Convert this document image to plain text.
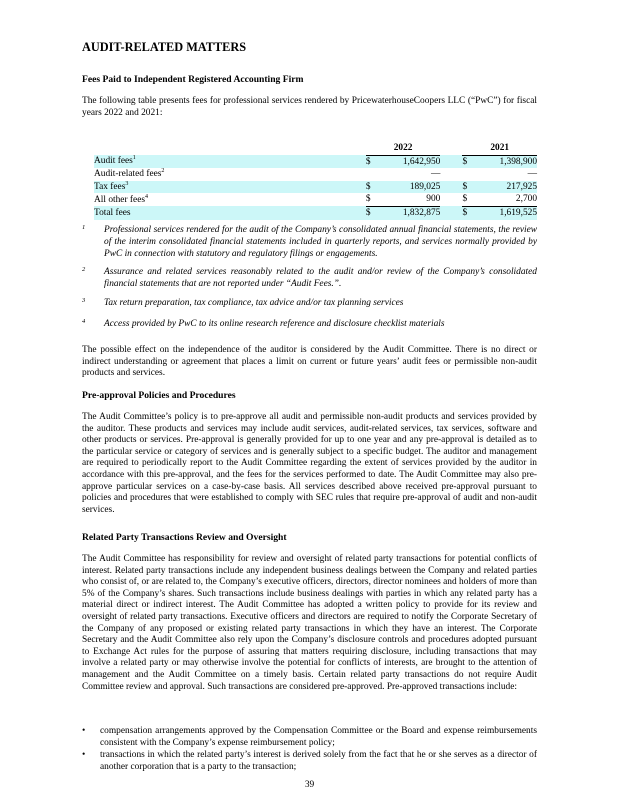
AUDIT-RELATED MATTERS
Fees Paid to Independent Registered Accounting Firm

The following table presents fees for professional services rendered by PricewaterhouseCoopers LLC (“PwC”) for fiscal years 2022 and 2021:

	2022			2021	
Audit fees$^1$	$	1,642,950		$	1,398,900
Audit-related fees$^2$		—			—
Tax fees$^3$	$	189,025		$	217,925
All other fees$^4$	$	900		$	2,700
Total fees	$	1,832,875		$	1,619,525
1 Professional services rendered for the audit of the Company’s consolidated annual financial statements, the review of the interim consolidated financial statements included in quarterly reports, and services normally provided by PwC in connection with statutory and regulatory filings or engagements.
2 Assurance and related services reasonably related to the audit and/or review of the Company’s consolidated financial statements that are not reported under “Audit Fees.”.
3 Tax return preparation, tax compliance, tax advice and/or tax planning services
4 Access provided by PwC to its online research reference and disclosure checklist materials

The possible effect on the independence of the auditor is considered by the Audit Committee. There is no direct or indirect understanding or agreement that places a limit on current or future years’ audit fees or permissible non-audit products and services.

Pre-approval Policies and Procedures

The Audit Committee’s policy is to pre-approve all audit and permissible non-audit products and services provided by the auditor. These products and services may include audit services, audit-related services, tax services, software and other products or services. Pre-approval is generally provided for up to one year and any pre-approval is detailed as to the particular service or category of services and is generally subject to a specific budget. The auditor and management are required to periodically report to the Audit Committee regarding the extent of services provided by the auditor in accordance with this pre-approval, and the fees for the services performed to date. The Audit Committee may also pre-approve particular services on a case-by-case basis. All services described above received pre-approval pursuant to policies and procedures that were established to comply with SEC rules that require pre-approval of audit and non-audit services.

Related Party Transactions Review and Oversight

The Audit Committee has responsibility for review and oversight of related party transactions for potential conflicts of interest. Related party transactions include any independent business dealings between the Company and related parties who consist of, or are related to, the Company’s executive officers, directors, director nominees and holders of more than 5% of the Company’s shares. Such transactions include business dealings with parties in which any related party has a material direct or indirect interest. The Audit Committee has adopted a written policy to provide for its review and oversight of related party transactions. Executive officers and directors are required to notify the Corporate Secretary of the Company of any proposed or existing related party transactions in which they have an interest. The Corporate Secretary and the Audit Committee also rely upon the Company’s disclosure controls and procedures adopted pursuant to Exchange Act rules for the purpose of assuring that matters requiring disclosure, including transactions that may involve a related party or may otherwise involve the potential for conflicts of interests, are brought to the attention of management and the Audit Committee on a timely basis. Certain related party transactions do not require Audit Committee review and approval. Such transactions are considered pre-approved. Pre-approved transactions include:

• compensation arrangements approved by the Compensation Committee or the Board and expense reimbursements consistent with the Company’s expense reimbursement policy;
• transactions in which the related party’s interest is derived solely from the fact that he or she serves as a director of another corporation that is a party to the transaction;
39
